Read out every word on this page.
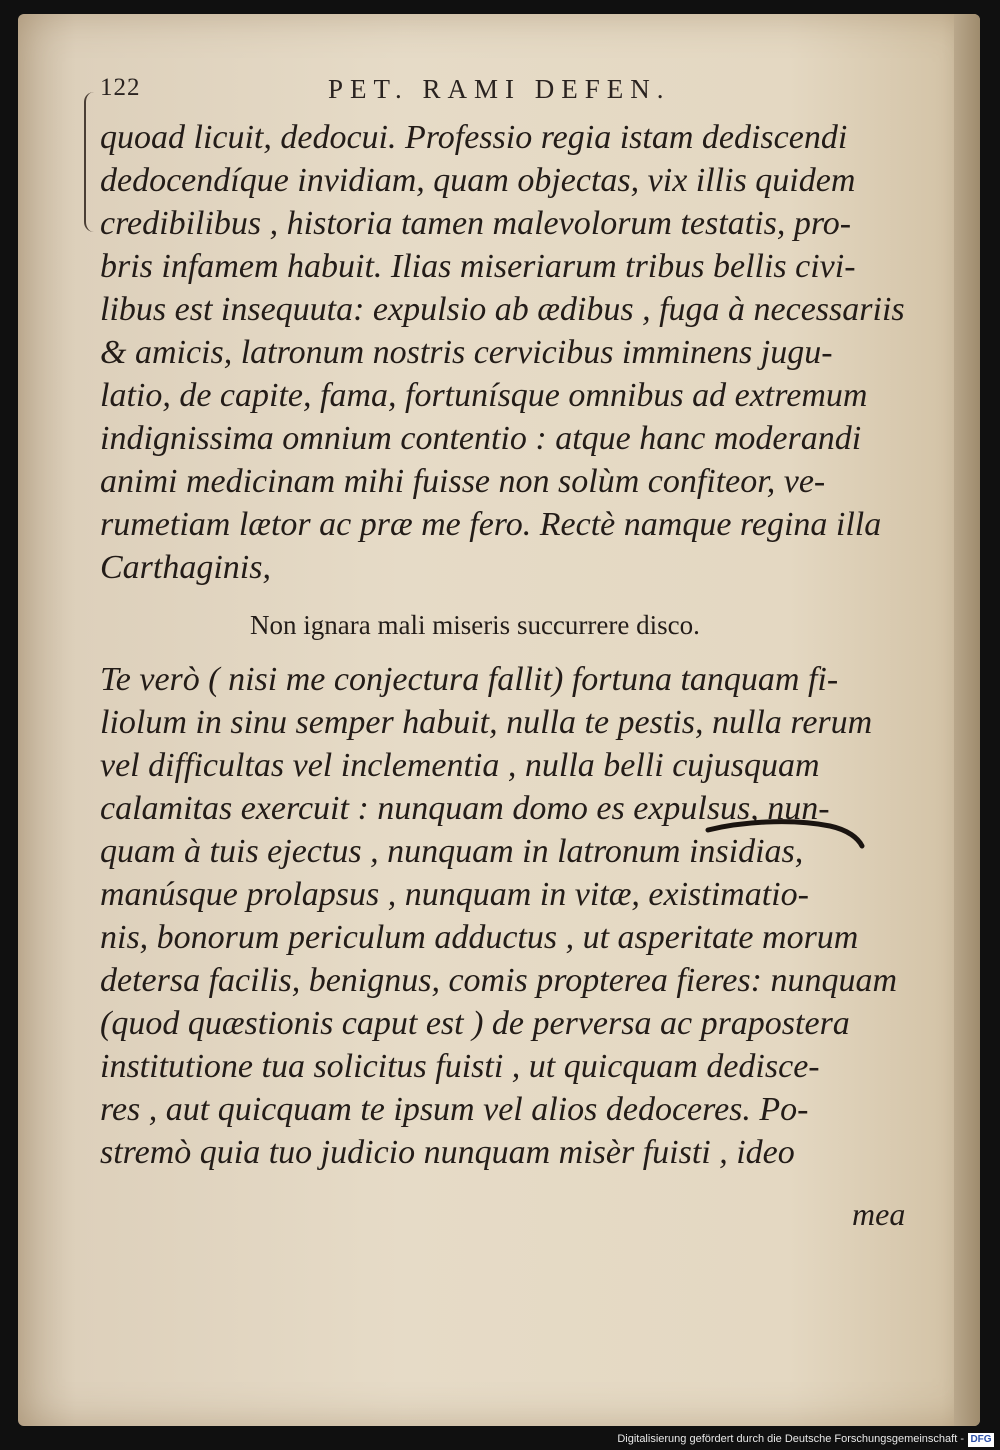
122	PET. RAMI DEFEN.
quoad licuit, dedocui. Professio regia istam dediscendi
dedocendíque invidiam, quam objectas, vix illis quidem
credibilibus , historia tamen malevolorum testatis, pro-
bris infamem habuit. Ilias miseriarum tribus bellis civi-
libus est insequuta: expulsio ab ædibus , fuga à necessariis
& amicis, latronum nostris cervicibus imminens jugu-
latio, de capite, fama, fortunísque omnibus ad extremum
indignissima omnium contentio : atque hanc moderandi
animi medicinam mihi fuisse non solùm confiteor, ve-
rumetiam lætor ac præ me fero. Rectè namque regina illa
Carthaginis,
Non ignara mali miseris succurrere disco.
Te verò ( nisi me conjectura fallit) fortuna tanquam fi-
liolum in sinu semper habuit, nulla te pestis, nulla rerum
vel difficultas vel inclementia , nulla belli cujusquam
calamitas exercuit : nunquam domo es expulsus, nun-
quam à tuis ejectus , nunquam in latronum insidias,
manúsque prolapsus , nunquam in vitæ, existimatio-
nis, bonorum periculum adductus , ut asperitate morum
detersa facilis, benignus, comis propterea fieres: nunquam
(quod quæstionis caput est ) de perversa ac prapostera
institutione tua solicitus fuisti , ut quicquam dedisce-
res , aut quicquam te ipsum vel alios dedoceres. Po-
stremò quia tuo judicio nunquam misèr fuisti , ideo
mea
Digitalisierung gefördert durch die Deutsche Forschungsgemeinschaft - DFG
